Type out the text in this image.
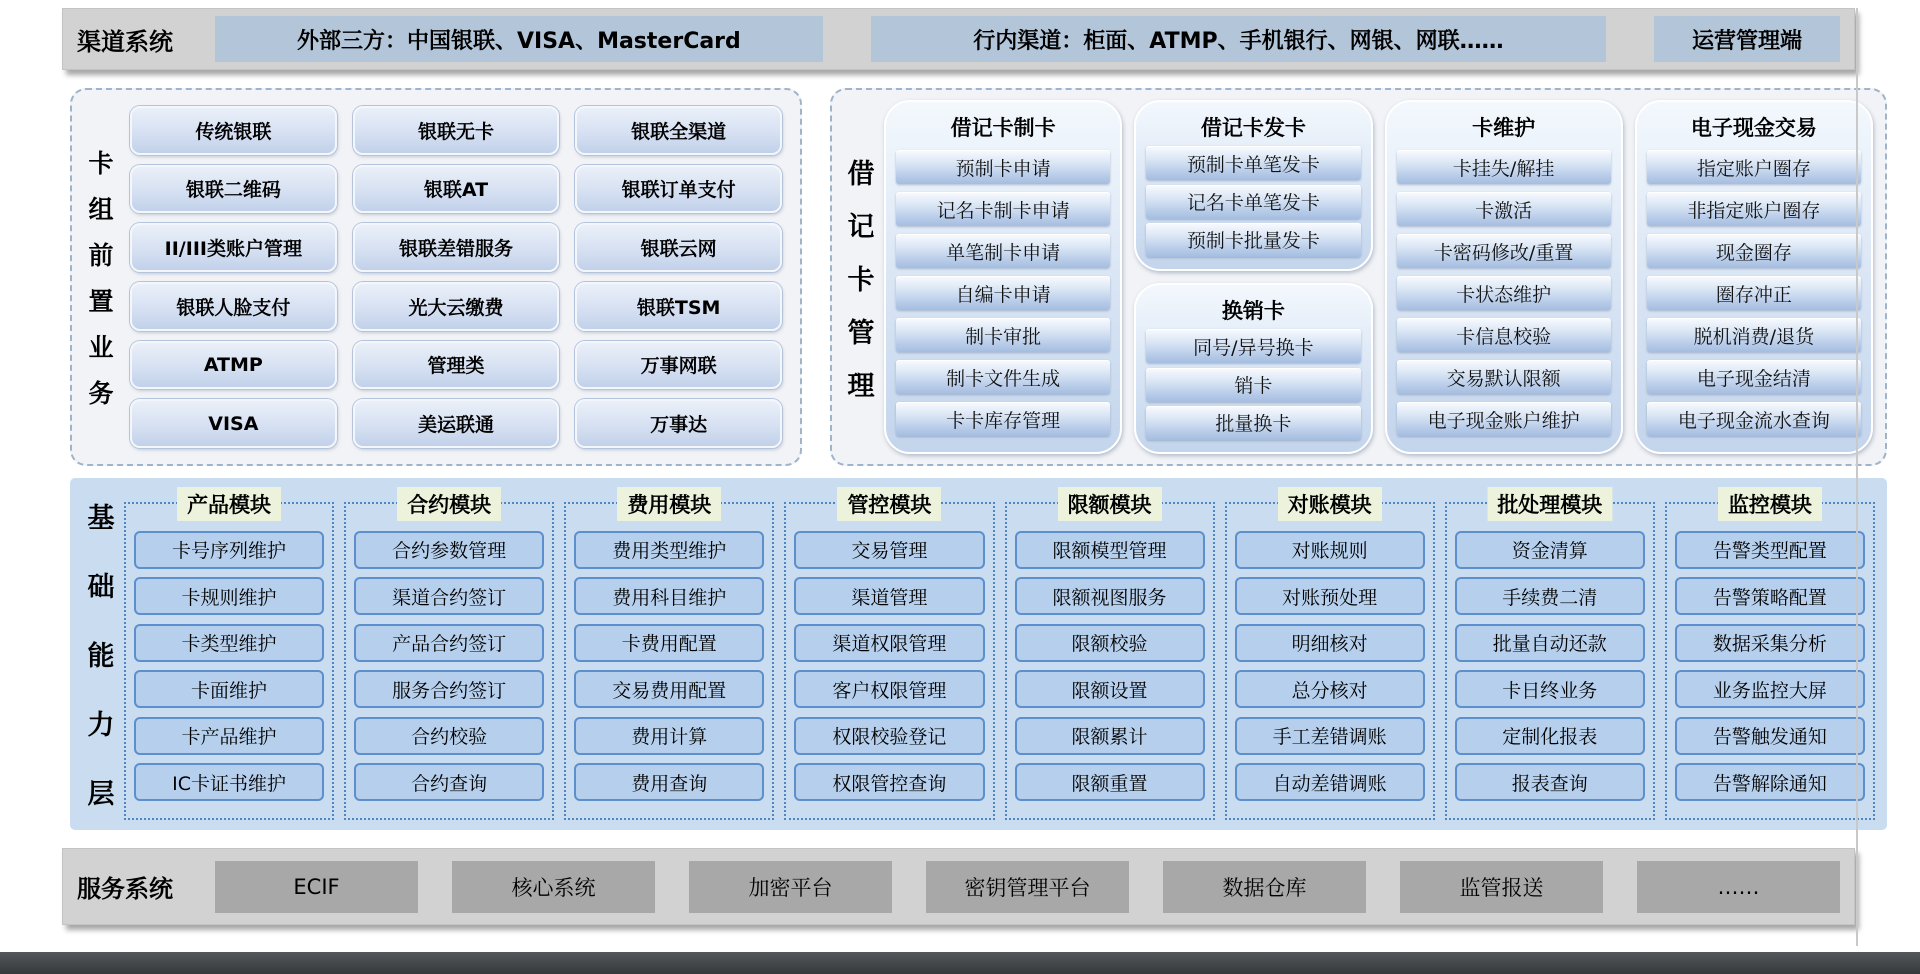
渠道系统	外部三方：中国银联、VISA、MasterCard	行内渠道：柜面、ATMP、手机银行、网银、网联……	运营管理端
卡
组
前
置
业
务
传统银联	银联无卡	银联全渠道
银联二维码	银联AT	银联订单支付
II/III类账户管理	银联差错服务	银联云网
银联人脸支付	光大云缴费	银联TSM
ATMP	管理类	万事网联
VISA	美运联通	万事达
借
记
卡
管
理
借记卡制卡
预制卡申请
记名卡制卡申请
单笔制卡申请
自编卡申请
制卡审批
制卡文件生成
卡卡库存管理
借记卡发卡
预制卡单笔发卡
记名卡单笔发卡
预制卡批量发卡
换销卡
同号/异号换卡
销卡
批量换卡
卡维护
卡挂失/解挂
卡激活
卡密码修改/重置
卡状态维护
卡信息校验
交易默认限额
电子现金账户维护
电子现金交易
指定账户圈存
非指定账户圈存
现金圈存
圈存冲正
脱机消费/退货
电子现金结清
电子现金流水查询
基
础
能
力
层
产品模块
卡号序列维护
卡规则维护
卡类型维护
卡面维护
卡产品维护
IC卡证书维护
合约模块
合约参数管理
渠道合约签订
产品合约签订
服务合约签订
合约校验
合约查询
费用模块
费用类型维护
费用科目维护
卡费用配置
交易费用配置
费用计算
费用查询
管控模块
交易管理
渠道管理
渠道权限管理
客户权限管理
权限校验登记
权限管控查询
限额模块
限额模型管理
限额视图服务
限额校验
限额设置
限额累计
限额重置
对账模块
对账规则
对账预处理
明细核对
总分核对
手工差错调账
自动差错调账
批处理模块
资金清算
手续费二清
批量自动还款
卡日终业务
定制化报表
报表查询
监控模块
告警类型配置
告警策略配置
数据采集分析
业务监控大屏
告警触发通知
告警解除通知
服务系统	ECIF	核心系统	加密平台	密钥管理平台	数据仓库	监管报送	……
